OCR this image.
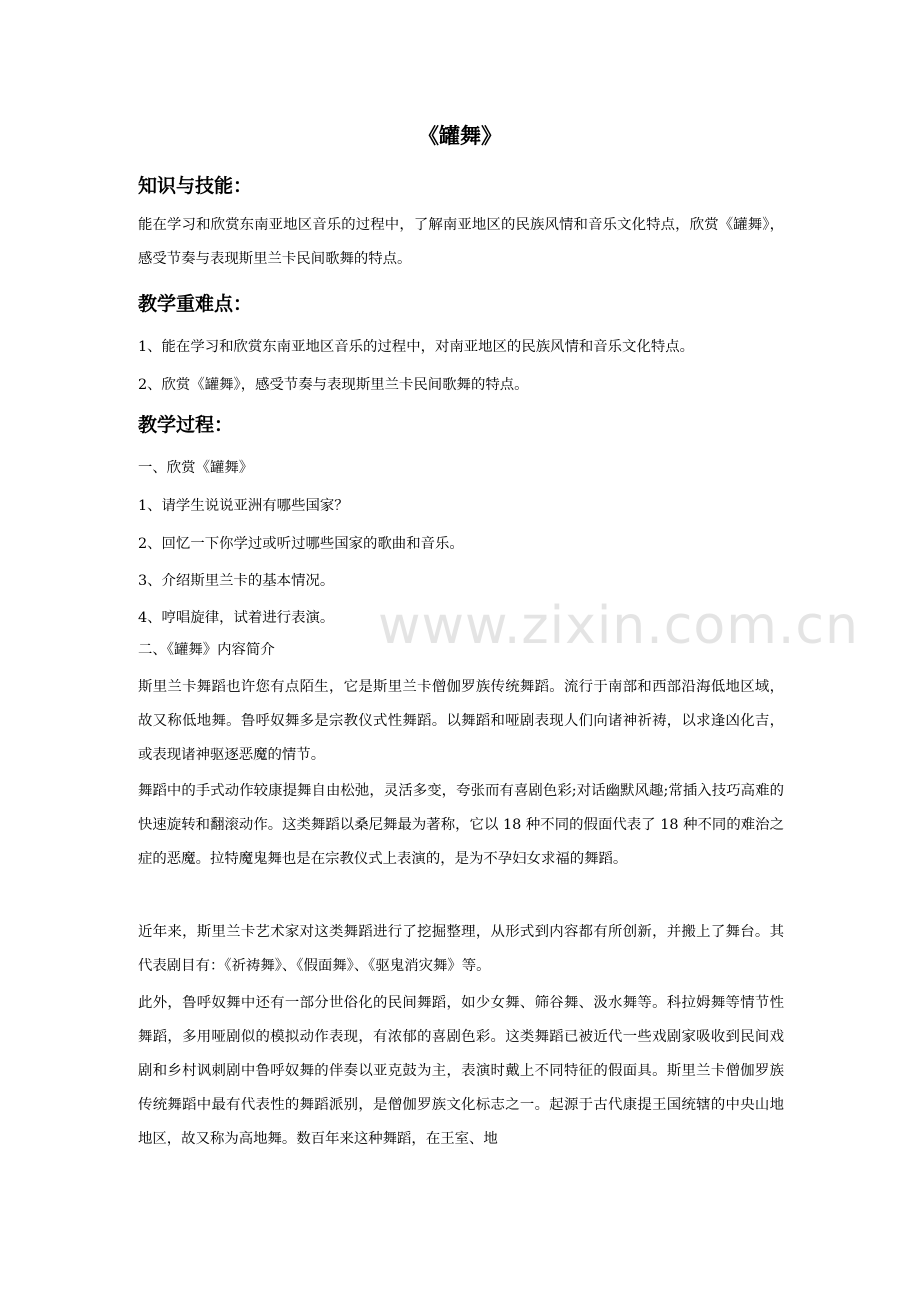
《罐舞》
知识与技能：
能在学习和欣赏东南亚地区音乐的过程中，了解南亚地区的民族风情和音乐文化特点，欣赏《罐舞》，感受节奏与表现斯里兰卡民间歌舞的特点。
教学重难点：
1、能在学习和欣赏东南亚地区音乐的过程中，对南亚地区的民族风情和音乐文化特点。
2、欣赏《罐舞》，感受节奏与表现斯里兰卡民间歌舞的特点。
教学过程：
一、欣赏《罐舞》
1、请学生说说亚洲有哪些国家？
2、回忆一下你学过或听过哪些国家的歌曲和音乐。
3、介绍斯里兰卡的基本情况。
4、哼唱旋律，试着进行表演。
二、《罐舞》内容简介
斯里兰卡舞蹈也许您有点陌生，它是斯里兰卡僧伽罗族传统舞蹈。流行于南部和西部沿海低地区域，故又称低地舞。鲁呼奴舞多是宗教仪式性舞蹈。以舞蹈和哑剧表现人们向诸神祈祷，以求逢凶化吉，或表现诸神驱逐恶魔的情节。
舞蹈中的手式动作较康提舞自由松弛，灵活多变，夸张而有喜剧色彩;对话幽默风趣;常插入技巧高难的快速旋转和翻滚动作。这类舞蹈以桑尼舞最为著称，它以 18 种不同的假面代表了 18 种不同的难治之症的恶魔。拉特魔鬼舞也是在宗教仪式上表演的，是为不孕妇女求福的舞蹈。
近年来，斯里兰卡艺术家对这类舞蹈进行了挖掘整理，从形式到内容都有所创新，并搬上了舞台。其代表剧目有：《祈祷舞》、《假面舞》、《驱鬼消灾舞》等。
此外，鲁呼奴舞中还有一部分世俗化的民间舞蹈，如少女舞、筛谷舞、汲水舞等。科拉姆舞等情节性舞蹈，多用哑剧似的模拟动作表现，有浓郁的喜剧色彩。这类舞蹈已被近代一些戏剧家吸收到民间戏剧和乡村讽刺剧中鲁呼奴舞的伴奏以亚克鼓为主，表演时戴上不同特征的假面具。斯里兰卡僧伽罗族传统舞蹈中最有代表性的舞蹈派别，是僧伽罗族文化标志之一。起源于古代康提王国统辖的中央山地地区，故又称为高地舞。数百年来这种舞蹈，在王室、地
www.zixin.com.cn
